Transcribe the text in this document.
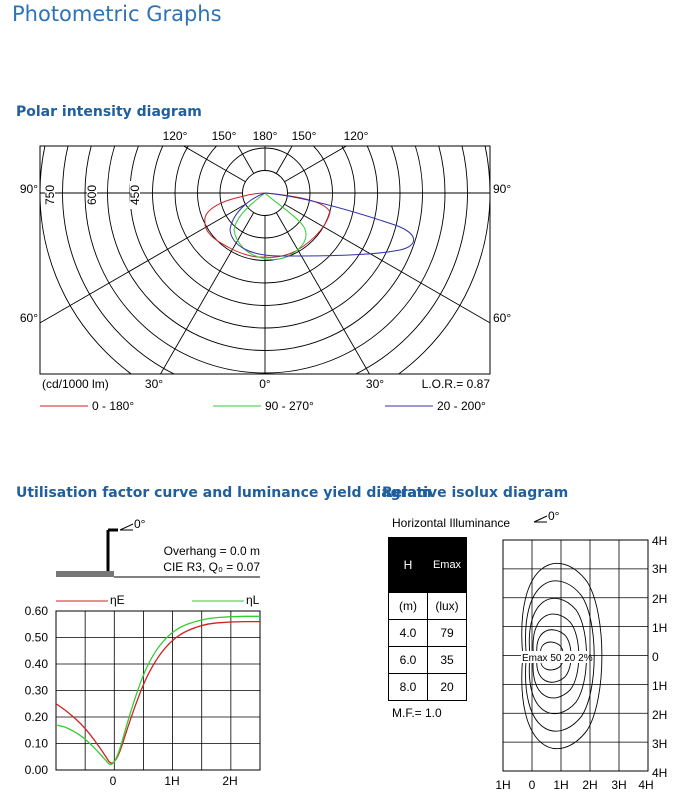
Photometric Graphs
Polar intensity diagram
Utilisation factor curve and luminance yield diagram
Relative isolux diagram
120° 150° 180° 150° 120°
90°	90°
60°	60°
750 600 450
(cd/1000 lm)	30°	0°	30°	L.O.R.= 0.87
0 - 180°	90 - 270°	20 - 200°
0°
Overhang = 0.0 m
CIE R3, Q₀ = 0.07
ηE	ηL
0.60
0.50
0.40
0.30
0.20
0.10
0.00
0	1H	2H
Horizontal Illuminance
H	Emax
(m)	(lux)
4.0	79
6.0	35
8.0	20
M.F.= 1.0
0°
Emax 50 20 2%
4H
3H
2H
1H
0
1H
2H
3H
4H
1H 0 1H 2H 3H 4H
